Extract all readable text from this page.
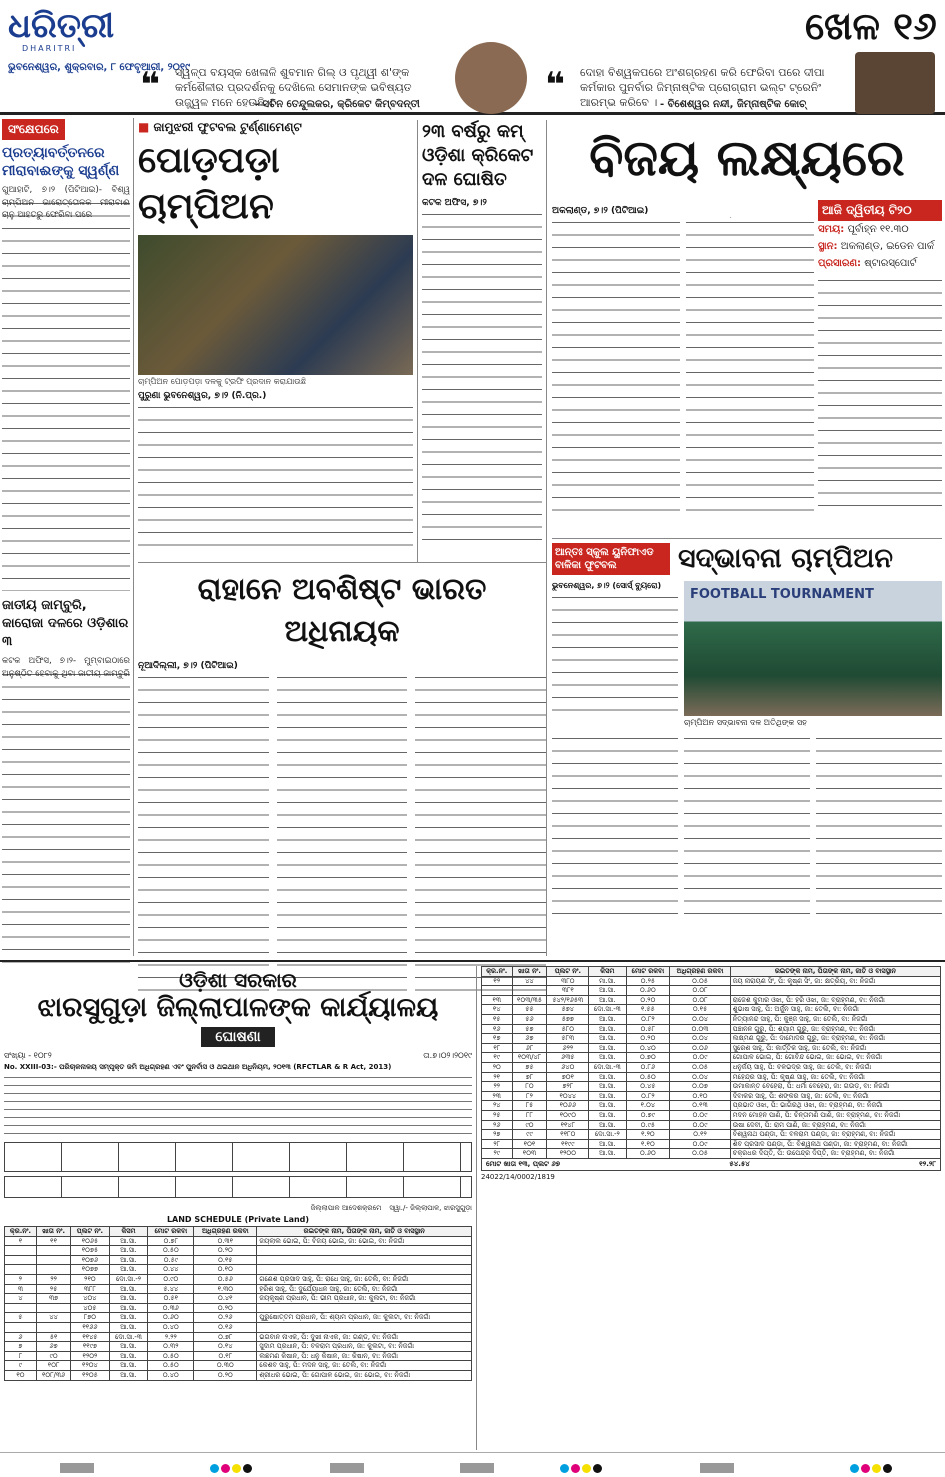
ଧରିତ୍ରୀ
DHARITRI
ଭୁବନେଶ୍ୱର, ଶୁକ୍ରବାର, ୮ ଫେବୃଆରୀ, ୨୦୧୯
❝ ସ୍ୱଳ୍ପ ବୟସ୍କ ଖେଳାଳି ଶୁବମାନ ଗିଲ୍ ଓ ପୃଥ୍ୱୀ ଶ'ଙ୍କ କର୍ମଶୈଳୀର ପ୍ରଦର୍ଶନକୁ ଦେଖିଲେ ସେମାନଙ୍କ ଭବିଷ୍ୟତ ଉଜ୍ଜ୍ୱଳ ମନେ ହେଉଛି ।
- ସଚିନ ତେନ୍ଦୁଲକର, କ୍ରିକେଟ କିମ୍ବଦନ୍ତୀ	❝ ଦୋହା ବିଶ୍ୱକପରେ ଅଂଶଗ୍ରହଣ କରି ଫେରିବା ପରେ ଦୀପା କର୍ମକାର ପୁନର୍ବାର ଜିମ୍ନାଷ୍ଟିକ ପ୍ରୋଗ୍ରାମ ଭଲ୍ଟ ଟ୍ରେନିଂ ଆରମ୍ଭ କରିବେ । - ବିଶେଶ୍ୱର ନନ୍ଦୀ, ଜିମ୍ନାଷ୍ଟିକ କୋଚ୍
ଖେଳ ୧୬
ସଂକ୍ଷେପରେ
ପ୍ରତ୍ୟାବର୍ତ୍ତନରେ ମୀରାବାଈଙ୍କୁ ସ୍ୱର୍ଣ୍ଣ
ଗୁଆହାଟି, ୭।୨ (ପିଟିଆଇ)- ବିଶ୍ୱ ଚାମ୍ପିଅନ ଭାରୋତ୍ତୋଳକ ମୀରାବାଈ ଚାନୁ ଆହତରୁ ଫେରିବା ପରେ
ଜାତୀୟ ଜାମ୍ବୁରି, କାରୋଜା ଦଳରେ ଓଡ଼ିଶାର ୩
କଟକ ଅଫିସ, ୭।୨- ମୁମ୍ବାଇଠାରେ ଅନୁଷ୍ଠିତ ହେବାକୁ ଥିବା ଜାତୀୟ ଜାମ୍ବୁରି
■ ଜାମୁଝରୀ ଫୁଟବଲ ଟୁର୍ଣ୍ଣାମେଣ୍ଟ
ପୋଡ଼ପଡ଼ା ଚାମ୍ପିଅନ
ଚାମ୍ପିଅନ ପୋଡ଼ପଡ଼ା ଦଳକୁ ଟ୍ରଫି ପ୍ରଦାନ କରାଯାଉଛି
ପୁରୁଣା ଭୁବନେଶ୍ୱର, ୭।୨ (ନି.ପ୍ର.)
୨୩ ବର୍ଷରୁ କମ୍ ଓଡ଼ିଶା କ୍ରିକେଟ ଦଳ ଘୋଷିତ
କଟକ ଅଫିସ, ୭।୨
ରାହାନେ ଅବଶିଷ୍ଟ ଭାରତ ଅଧିନାୟକ
ନୂଆଦିଲ୍ଲୀ, ୭।୨ (ପିଟିଆଇ)
ବିଜୟ ଲକ୍ଷ୍ୟରେ
ଅକଲାଣ୍ଡ, ୭।୨ (ପିଟିଆଇ)	ଆଜି ଦ୍ୱିତୀୟ ଟି୨୦
ସମୟ: ପୂର୍ବାହ୍ନ ୧୧.୩୦
ସ୍ଥାନ: ଅକଲାଣ୍ଡ, ଇଡେନ ପାର୍କ
ପ୍ରସାରଣ: ଷ୍ଟାରସ୍ପୋର୍ଟ
ଆନ୍ତଃ ସ୍କୁଲ ୟୁନିଫାଏଡ ବାଳିକା ଫୁଟବଲ	ସଦ୍ଭାବନା ଚାମ୍ପିଅନ
ଭୁବନେଶ୍ୱର, ୭।୨ (ସୋର୍ସ୍ ବ୍ୟୁରୋ)
FOOTBALL TOURNAMENT
ଚାମ୍ପିଅନ ସଦ୍ଭାବନା ଦଳ ଅତିଥିଙ୍କ ସହ
ଓଡ଼ିଶା ସରକାର
ଝାରସୁଗୁଡ଼ା ଜିଲ୍ଲାପାଳଙ୍କ କାର୍ଯ୍ୟାଳୟ
ଘୋଷଣା
ସଂଖ୍ୟା - ୧୦୮୨	ତା.୭।୦୨।୨୦୧୯
No. XXIII-03:- ପରିଚାଳନାଳୟ ସମ୍ପୃକ୍ତ ଜମି ଅଧିଗ୍ରହଣ ଏବଂ ପୁନର୍ବାସ ଓ ଥଇଥାନ ଅଧିନିୟମ, ୨୦୧୩ (RFCTLAR & R Act, 2013)
ଜିଲ୍ଲାପାଳ ଆଦେଶକ୍ରମେ ସ୍ୱା./- ଜିଲ୍ଲାପାଳ, ଝାରସୁଗୁଡ଼ା
LAND SCHEDULE (Private Land)
କ୍ର.ନଂ.	ଖାତା ନଂ.	ପ୍ଲଟ ନଂ.	କିସମ	ମୋଟ ରକବା	ଅଧିଗ୍ରହଣ ରକବା	ରଇତଙ୍କ ନାମ, ପିତାଙ୍କ ନାମ, ଜାତି ଓ ବାସସ୍ଥାନ
୧	୧୧	୧୦୬୫	ଆ.ସା.	୦.୭୮	୦.୩୧	ଜୟଲାଲ ଭୋଇ, ପି: ବିଜୟ ଭୋଇ, ଜା: ଭୋଇ, ବା: ନିଜଗାଁ
		୧୦୭୫	ଆ.ସା.	୦.୫୦	୦.୨୦	
		୧୦୭୬	ଆ.ସା.	୦.୫୯	୦.୧୫	
		୧୦୭୭	ଆ.ସା.	୦.୪୪	୦.୧୦	
୨	୨୨	୨୧୦	ଦୋ.ସା.-୨	୦.୯୦	୦.୫୬	ଗଣେଶ ପ୍ରସାଦ ସାହୁ, ପି: ରାଧେ ସାହୁ, ଜା: ତେଲି, ବା: ନିଜଗାଁ
୩	୨୫	୩୮୮	ଆ.ସା.	୫.୪୪	୧.୩୦	ହରିଶ ସାହୁ, ପି: ଦୁର୍ଯ୍ୟୋଧନ ସାହୁ, ଜା: ତେଲି, ବା: ନିଜଗାଁ
୪	୩୭	୪୦୪	ଆ.ସା.	୦.୫୧	୦.୪୧	ଜୟକୃଷ୍ଣ ପ୍ରଧାନ, ପି: ଭୀମ ପ୍ରଧାନ, ଜା: କୁଲଟା, ବା: ନିଜଗାଁ
		୪୦୫	ଆ.ସା.	୦.୩୬	୦.୨୦	
୫	୪୪	୮୭୦	ଆ.ସା.	୦.୬୦	୦.୨୬	ପୁରୁଷୋତ୍ତମ ପ୍ରଧାନ, ପି: ଶ୍ୟାମ ପ୍ରଧାନ, ଜା: କୁଲଟା, ବା: ନିଜଗାଁ
		୧୧୬୬	ଆ.ସା.	୦.୪୦	୦.୧୬	
୬	୫୧	୧୧୪୫	ଦୋ.ସା.-୩	୨.୨୨	୦.୭୮	ଭଗବାନ ନାଏକ, ପି: ଦୁଖୀ ନାଏକ, ଜା: ଗଣ୍ଡ, ବା: ନିଜଗାଁ
୭	୬୭	୧୧୯୭	ଆ.ସା.	୦.୩୨	୦.୧୪	ସୁଦାମ ପ୍ରଧାନ, ପି: ବଳରାମ ପ୍ରଧାନ, ଜା: କୁଲଟା, ବା: ନିଜଗାଁ
୮	୯୦	୧୨୦୨	ଆ.ସା.	୦.୫୦	୦.୧୮	ଲଛମଣ କିଷାନ, ପି: ଧନୁ କିଷାନ, ଜା: କିଷାନ, ବା: ନିଜଗାଁ
୯	୧୦୮	୧୨୦୪	ଆ.ସା.	୦.୫୦	୦.୩୦	କେଶବ ସାହୁ, ପି: ମଦନ ସାହୁ, ଜା: ତେଲି, ବା: ନିଜଗାଁ
୧୦	୧୦୮/୩୬	୧୨୦୫	ଆ.ସା.	୦.୪୦	୦.୨୦	ଶ୍ରୀଧର ଭୋଇ, ପି: ଗୋପାଳ ଭୋଇ, ଜା: ଭୋଇ, ବା: ନିଜଗାଁ
କ୍ର.ନଂ.	ଖାତା ନଂ.	ପ୍ଲଟ ନଂ.	କିସମ	ମୋଟ ରକବା	ଅଧିଗ୍ରହଣ ରକବା	ରଇତଙ୍କ ନାମ, ପିତାଙ୍କ ନାମ, ଜାତି ଓ ବାସସ୍ଥାନ
୧୨	୪୪	୩୮୦	ମା.ସା.	୦.୨୫	୦.୦୫	ଜୟ ନାରାୟଣ ସିଂ, ପି: କୃଷ୍ଣ ସିଂ, ଜା: କ୍ଷତ୍ରିୟ, ବା: ନିଜଗାଁ
		୩୮୧	ଆ.ସା.	୦.୬୦	୦.୦୮	
୧୩	୧୦୩/୩୫	୫୪୨/୧୬୫୩	ଆ.ସା.	୦.୨୦	୦.୦୮	ରାଜେଶ କୁମାର ଓଝା, ପି: ହରି ଓଝା, ଜା: ବ୍ରାହ୍ମଣ, ବା: ନିଜଗାଁ
୧୪	୫୫	୫୭୪	ଦୋ.ସା.-୩	୧.୫୫	୦.୧୫	ଶୁଭାଷ ସାହୁ, ପି: ଅର୍ଜୁନ ସାହୁ, ଜା: ତେଲି, ବା: ନିଜଗାଁ
୧୫	୫୬	୫୭୭	ଆ.ସା.	୦.୮୨	୦.୦୪	ନିତ୍ୟାନନ୍ଦ ସାହୁ, ପି: କୁଞ୍ଜ ସାହୁ, ଜା: ତେଲି, ବା: ନିଜଗାଁ
୧୬	୫୭	୫୮୦	ଆ.ସା.	୦.୫୮	୦.୦୩	ପଞ୍ଚାନନ ଗୁରୁ, ପି: ଶ୍ୟାମ ଗୁରୁ, ଜା: ବ୍ରାହ୍ମଣ, ବା: ନିଜଗାଁ
୧୭	୬୭	୫୮୩	ଆ.ସା.	୦.୨୦	୦.୦୪	ଲକ୍ଷ୍ମଣ ଗୁରୁ, ପି: ଦାମୋଦର ଗୁରୁ, ଜା: ବ୍ରାହ୍ମଣ, ବା: ନିଜଗାଁ
୧୮	୬୮	୬୨୨	ଆ.ସା.	୦.୪୦	୦.୦୬	ସୁରେଶ ସାହୁ, ପି: କାର୍ତ୍ତିକ ସାହୁ, ଜା: ତେଲି, ବା: ନିଜଗାଁ
୧୯	୧୦୩/୪୮	୬୩୫	ଆ.ସା.	୦.୭୦	୦.୦୯	ଗୋପାଳ ଭୋଇ, ପି: ଗୋବିନ୍ଦ ଭୋଇ, ଜା: ଭୋଇ, ବା: ନିଜଗାଁ
୨୦	୭୫	୬୪୦	ଦୋ.ସା.-୩	୦.୮୬	୦.୦୫	ଧନୁର୍ଜୟ ସାହୁ, ପି: ବଳଭଦ୍ର ସାହୁ, ଜା: ତେଲି, ବା: ନିଜଗାଁ
୨୧	୭୮	୭୦୧	ଆ.ସା.	୦.୫୦	୦.୦୪	ମହେନ୍ଦ୍ର ସାହୁ, ପି: କୃଷ୍ଣ ସାହୁ, ଜା: ତେଲି, ବା: ନିଜଗାଁ
୨୨	୮୦	୭୨୮	ଆ.ସା.	୦.୪୫	୦.୦୭	ଉମାକାନ୍ତ ବେହେରା, ପି: ଧର୍ମା ବେହେରା, ଜା: ଗଉଡ଼, ବା: ନିଜଗାଁ
୨୩	୮୨	୧୦୪୪	ଆ.ସା.	୦.୮୨	୦.୧୦	ଦିବାକର ସାହୁ, ପି: ଶଙ୍କର ସାହୁ, ଜା: ତେଲି, ବା: ନିଜଗାଁ
୨୪	୮୫	୧୦୬୬	ଆ.ସା.	୧.୦୪	୦.୧୩	ପ୍ରଭାତ ଓଝା, ପି: ଭାଗିରଥି ଓଝା, ଜା: ବ୍ରାହ୍ମଣ, ବା: ନିଜଗାଁ
୨୫	୮୮	୧୦୯୦	ଆ.ସା.	୦.୭୯	୦.୦୯	ମଦନ ମୋହନ ପାଣି, ପି: ଚିନ୍ତାମଣି ପାଣି, ଜା: ବ୍ରାହ୍ମଣ, ବା: ନିଜଗାଁ
୨୬	୯୦	୧୧୪୮	ଆ.ସା.	୦.୯୫	୦.୦୯	ଉଷା ଦେବୀ, ପି: ରାମ ପାଣି, ଜା: ବ୍ରାହ୍ମଣ, ବା: ନିଜଗାଁ
୨୭	୯୯	୧୧୮୦	ଦୋ.ସା.-୨	୧.୨୦	୦.୧୨	ବିଶ୍ୱନାଥ ପଣ୍ଡା, ପି: ବଳରାମ ପଣ୍ଡା, ଜା: ବ୍ରାହ୍ମଣ, ବା: ନିଜଗାଁ
୨୮	୧୦୧	୧୧୯୯	ଆ.ସା.	୧.୧୦	୦.୦୯	ଶିବ ପ୍ରସାଦ ପଣ୍ଡା, ପି: ବିଶ୍ୱନାଥ ପଣ୍ଡା, ଜା: ବ୍ରାହ୍ମଣ, ବା: ନିଜଗାଁ
୨୯	୧୦୩	୧୨୦୦	ଆ.ସା.	୦.୬୦	୦.୦୫	ଚକ୍ରଧର ଦିପ୍ତି, ପି: ଉପେନ୍ଦ୍ର ଦିପ୍ତି, ଜା: ବ୍ରାହ୍ମଣ, ବା: ନିଜଗାଁ
ମୋଟ ଖାତା ୧୩, ପ୍ଲଟ ୬୭	୫୪.୫୪	୧୨.୨୮
24022/14/0002/1819
